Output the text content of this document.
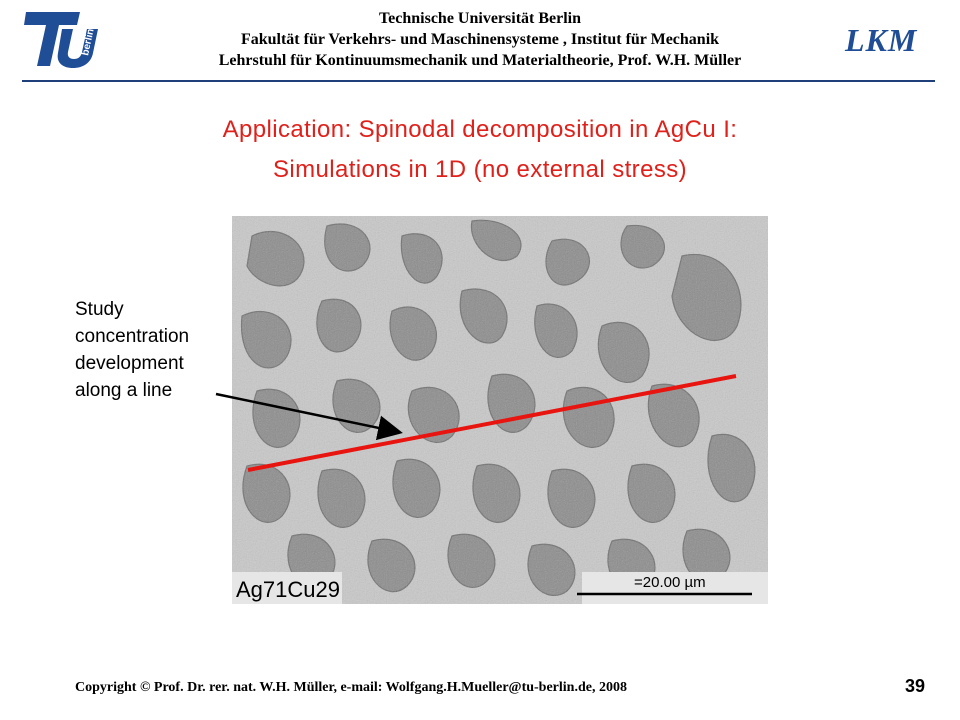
berlin
Technische Universität Berlin
Fakultät für Verkehrs- und Maschinensysteme , Institut für Mechanik
Lehrstuhl für Kontinuumsmechanik und Materialtheorie, Prof. W.H. Müller
LKM
Application: Spinodal decomposition in AgCu I:
Simulations in 1D (no external stress)
Ag71Cu29	=20.00 µm
Study
concentration
development
along a line
Copyright © Prof. Dr. rer. nat. W.H. Müller, e-mail: Wolfgang.H.Mueller@tu-berlin.de, 2008	39
